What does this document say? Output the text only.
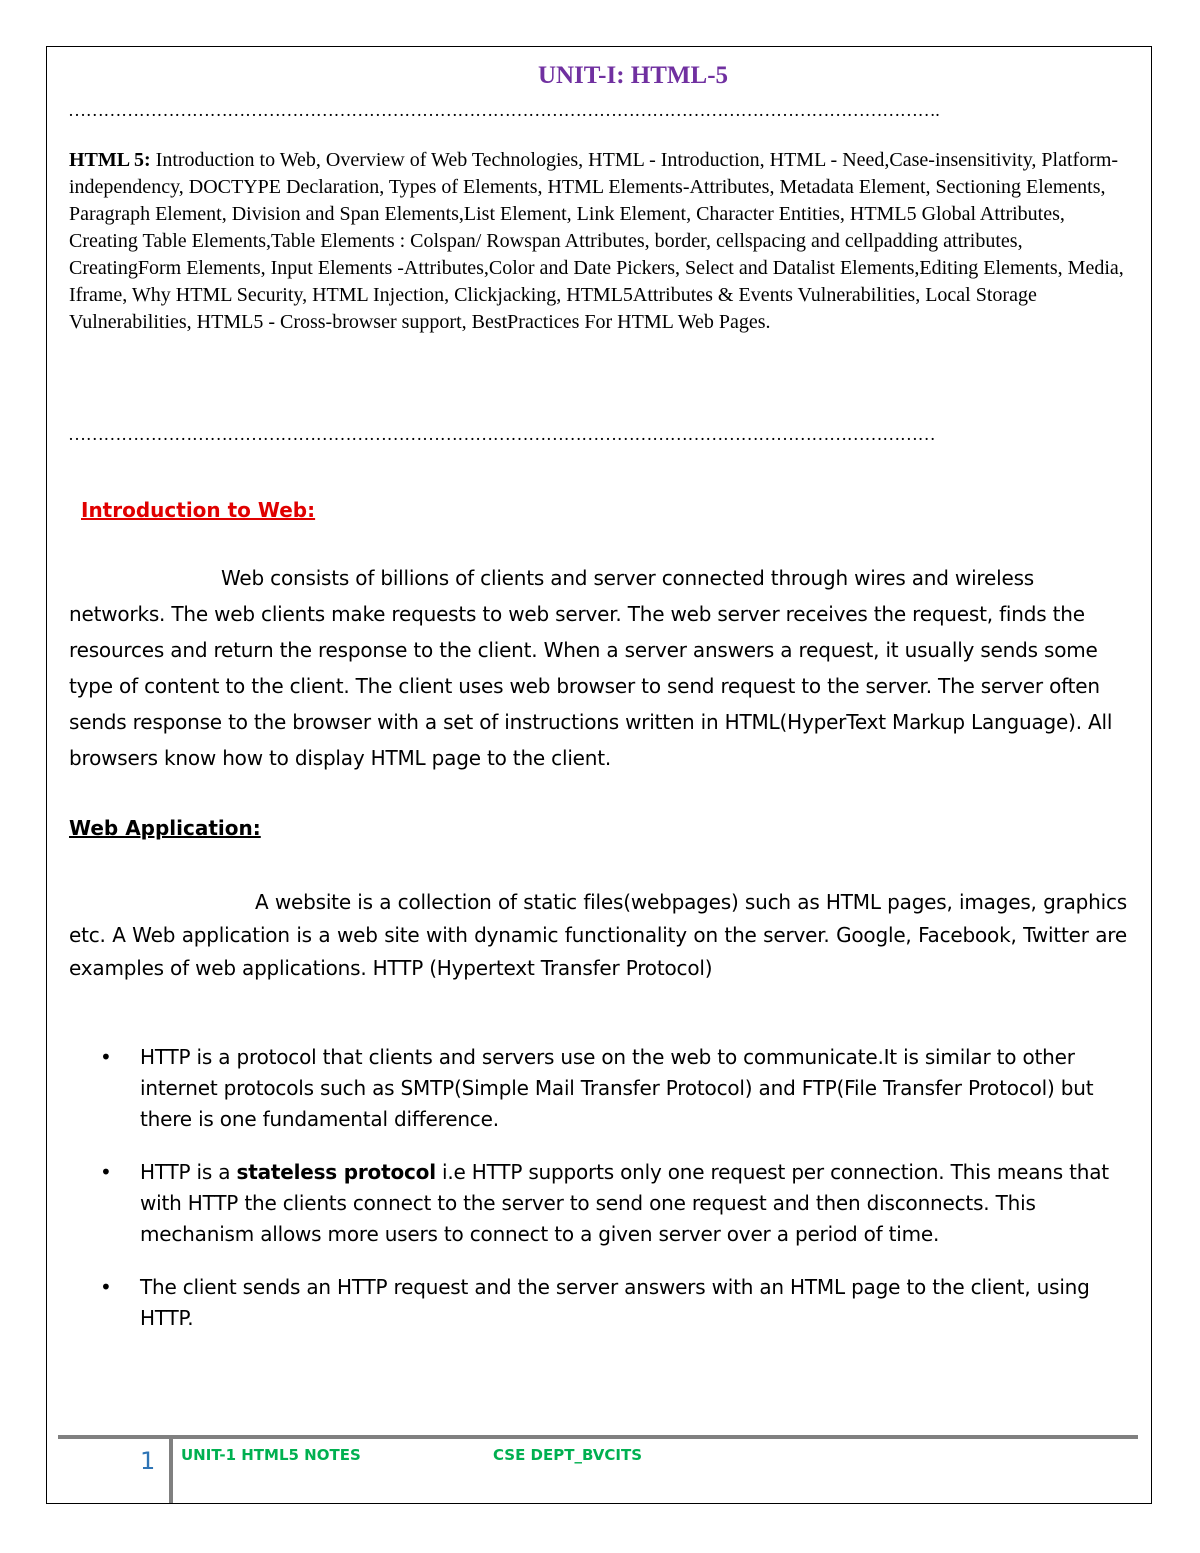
UNIT-I: HTML-5
………………………………………………………………………………………………………………………………….
HTML 5: Introduction to Web, Overview of Web Technologies, HTML - Introduction, HTML - Need,Case-insensitivity, Platform-independency, DOCTYPE Declaration, Types of Elements, HTML Elements-Attributes, Metadata Element, Sectioning Elements, Paragraph Element, Division and Span Elements,List Element, Link Element, Character Entities, HTML5 Global Attributes, Creating Table Elements,Table Elements : Colspan/ Rowspan Attributes, border, cellspacing and cellpadding attributes, CreatingForm Elements, Input Elements -Attributes,Color and Date Pickers, Select and Datalist Elements,Editing Elements, Media, Iframe, Why HTML Security, HTML Injection, Clickjacking, HTML5Attributes & Events Vulnerabilities, Local Storage Vulnerabilities, HTML5 - Cross-browser support, BestPractices For HTML Web Pages.
…………………………………………………………………………………………………………………………………
Introduction to Web:
Web consists of billions of clients and server connected through wires and wireless networks. The web clients make requests to web server. The web server receives the request, finds the resources and return the response to the client. When a server answers a request, it usually sends some type of content to the client. The client uses web browser to send request to the server. The server often sends response to the browser with a set of instructions written in HTML(HyperText Markup Language). All browsers know how to display HTML page to the client.
Web Application:
A website is a collection of static files(webpages) such as HTML pages, images, graphics etc. A Web application is a web site with dynamic functionality on the server. Google, Facebook, Twitter are examples of web applications. HTTP (Hypertext Transfer Protocol)
• HTTP is a protocol that clients and servers use on the web to communicate.It is similar to other internet protocols such as SMTP(Simple Mail Transfer Protocol) and FTP(File Transfer Protocol) but there is one fundamental difference.
• HTTP is a stateless protocol i.e HTTP supports only one request per connection. This means that with HTTP the clients connect to the server to send one request and then disconnects. This mechanism allows more users to connect to a given server over a period of time.
• The client sends an HTTP request and the server answers with an HTML page to the client, using HTTP.
1 UNIT-1 HTML5 NOTES	CSE DEPT_BVCITS
